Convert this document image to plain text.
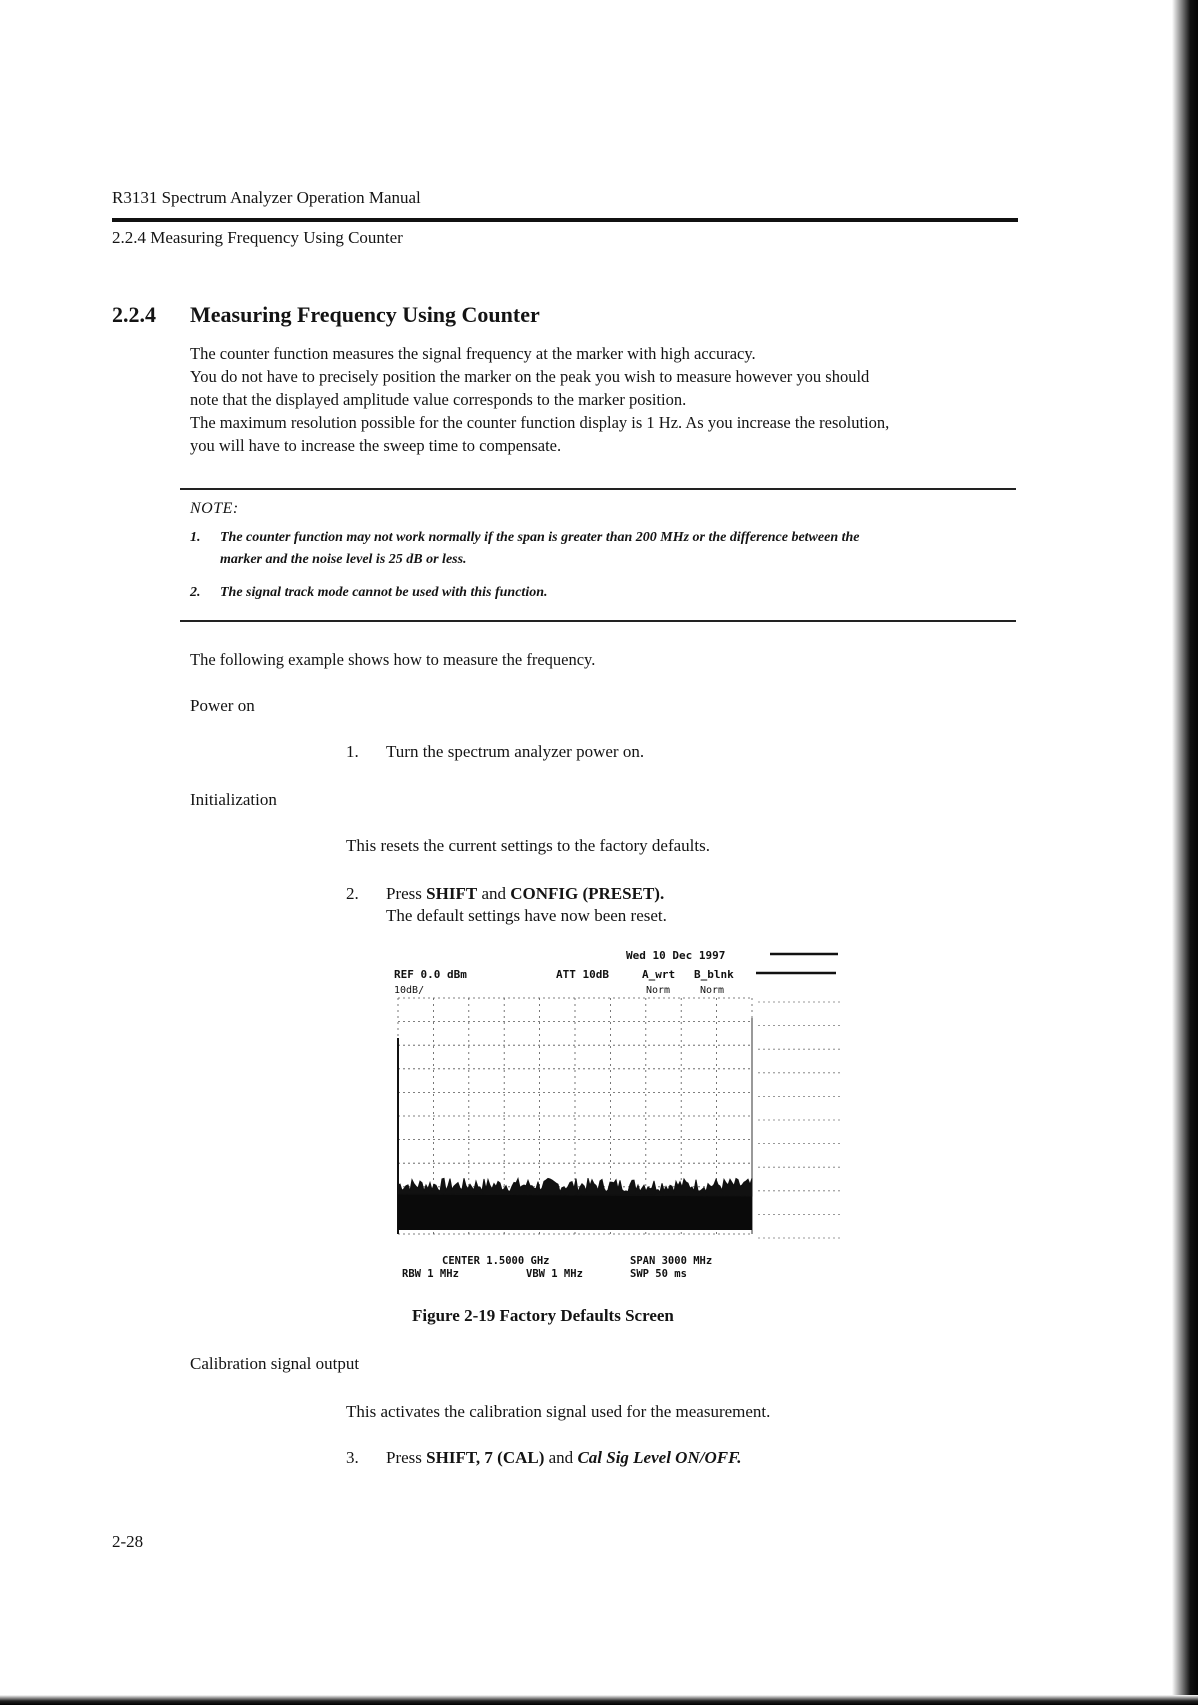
R3131 Spectrum Analyzer Operation Manual
2.2.4 Measuring Frequency Using Counter
2.2.4 Measuring Frequency Using Counter
The counter function measures the signal frequency at the marker with high accuracy.
You do not have to precisely position the marker on the peak you wish to measure however you should
note that the displayed amplitude value corresponds to the marker position.
The maximum resolution possible for the counter function display is 1 Hz. As you increase the resolution,
you will have to increase the sweep time to compensate.
NOTE:
1. The counter function may not work normally if the span is greater than 200 MHz or the difference between the
marker and the noise level is 25 dB or less.
2. The signal track mode cannot be used with this function.
The following example shows how to measure the frequency.
Power on
1. Turn the spectrum analyzer power on.
Initialization
This resets the current settings to the factory defaults.
2. Press SHIFT and CONFIG (PRESET).
The default settings have now been reset.
Wed 10 Dec 1997
REF 0.0 dBm	ATT 10dB	A_wrt B_blnk
10dB/	Norm	Norm
CENTER 1.5000 GHz	SPAN 3000 MHz
RBW 1 MHz	VBW 1 MHz	SWP 50 ms
Figure 2-19 Factory Defaults Screen
Calibration signal output
This activates the calibration signal used for the measurement.
3. Press SHIFT, 7 (CAL) and Cal Sig Level ON/OFF.
2-28
